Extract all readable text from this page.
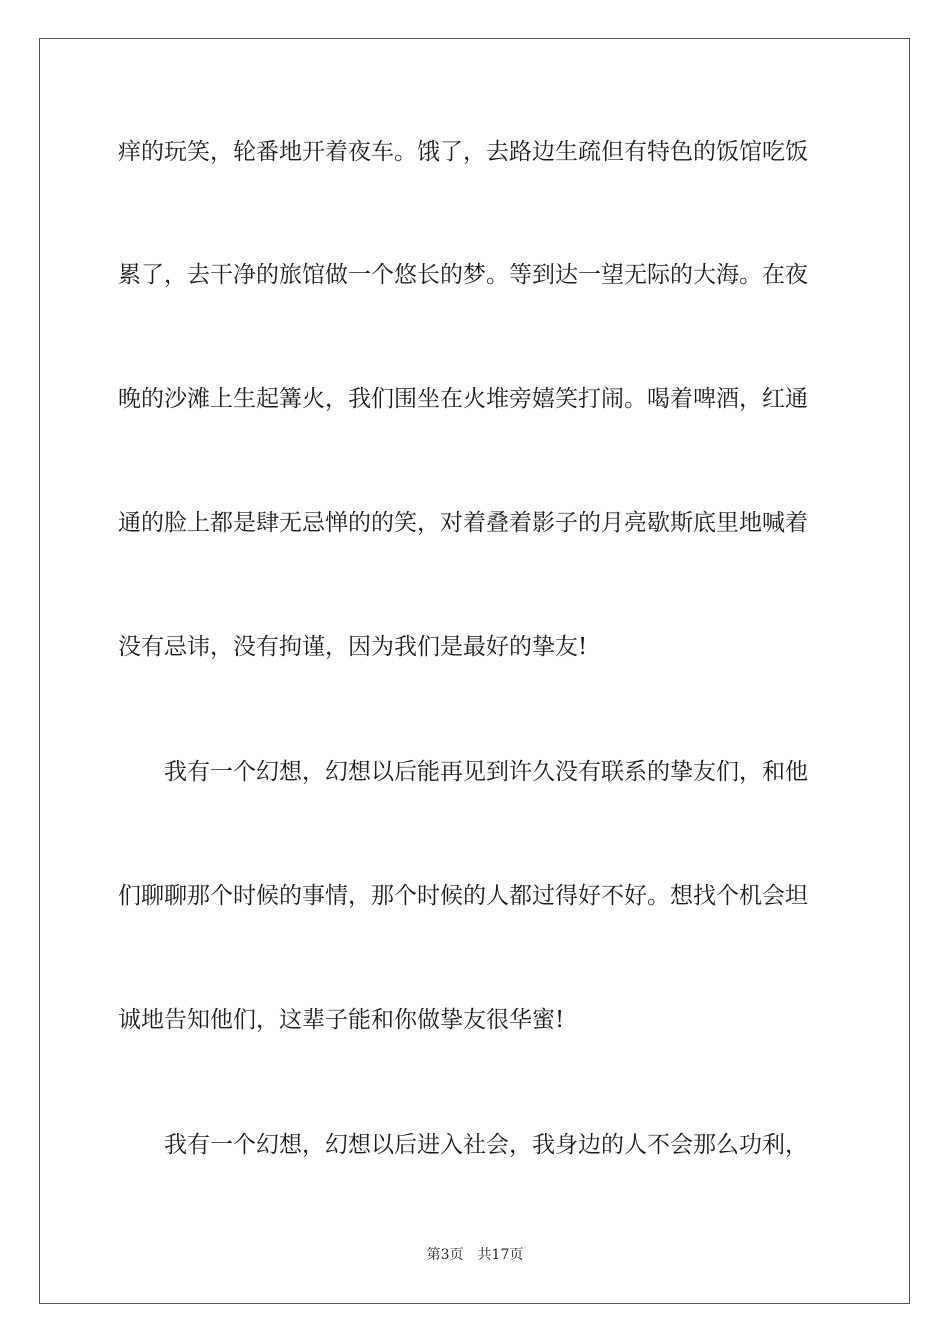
痒的玩笑，轮番地开着夜车。饿了，去路边生疏但有特色的饭馆吃饭
累了，去干净的旅馆做一个悠长的梦。等到达一望无际的大海。在夜
晚的沙滩上生起篝火，我们围坐在火堆旁嬉笑打闹。喝着啤酒，红通
通的脸上都是肆无忌惮的的笑，对着叠着影子的月亮歇斯底里地喊着
没有忌讳，没有拘谨，因为我们是最好的挚友!
我有一个幻想，幻想以后能再见到许久没有联系的挚友们，和他
们聊聊那个时候的事情，那个时候的人都过得好不好。想找个机会坦
诚地告知他们，这辈子能和你做挚友很华蜜!
我有一个幻想，幻想以后进入社会，我身边的人不会那么功利，
第3页 共17页
